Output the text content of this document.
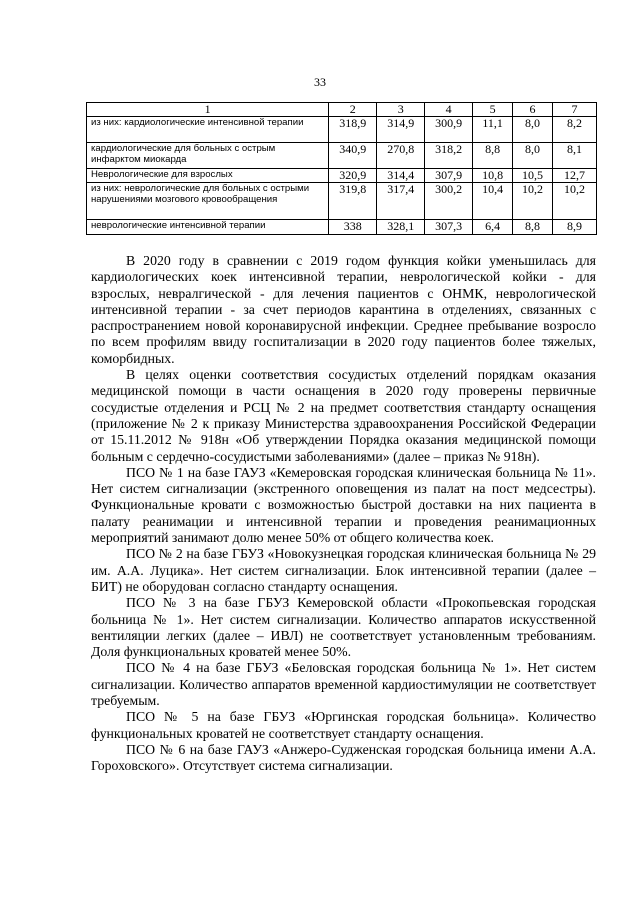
33
1	2	3	4	5	6	7
из них: кардиологические интенсивной терапии	318,9	314,9	300,9	11,1	8,0	8,2
кардиологические для больных с острым инфарктом миокарда	340,9	270,8	318,2	8,8	8,0	8,1
Неврологические для взрослых	320,9	314,4	307,9	10,8	10,5	12,7
из них: неврологические для больных с острыми нарушениями мозгового кровообращения	319,8	317,4	300,2	10,4	10,2	10,2
неврологические интенсивной терапии	338	328,1	307,3	6,4	8,8	8,9

В 2020 году в сравнении с 2019 годом функция койки уменьшилась для кардиологических коек интенсивной терапии, неврологической койки - для взрослых, невралгической - для лечения пациентов с ОНМК, неврологической интенсивной терапии - за счет периодов карантина в отделениях, связанных с распространением новой коронавирусной инфекции. Среднее пребывание возросло по всем профилям ввиду госпитализации в 2020 году пациентов более тяжелых, коморбидных.

В целях оценки соответствия сосудистых отделений порядкам оказания медицинской помощи в части оснащения в 2020 году проверены первичные сосудистые отделения и РСЦ № 2 на предмет соответствия стандарту оснащения (приложение № 2 к приказу Министерства здравоохранения Российской Федерации от 15.11.2012 № 918н «Об утверждении Порядка оказания медицинской помощи больным с сердечно-сосудистыми заболеваниями» (далее – приказ № 918н).

ПСО № 1 на базе ГАУЗ «Кемеровская городская клиническая больница № 11». Нет систем сигнализации (экстренного оповещения из палат на пост медсестры). Функциональные кровати с возможностью быстрой доставки на них пациента в палату реанимации и интенсивной терапии и проведения реанимационных мероприятий занимают долю менее 50% от общего количества коек.

ПСО № 2 на базе ГБУЗ «Новокузнецкая городская клиническая больница № 29 им. А.А. Луцика». Нет систем сигнализации. Блок интенсивной терапии (далее – БИТ) не оборудован согласно стандарту оснащения.

ПСО № 3 на базе ГБУЗ Кемеровской области «Прокопьевская городская больница № 1». Нет систем сигнализации. Количество аппаратов искусственной вентиляции легких (далее – ИВЛ) не соответствует установленным требованиям. Доля функциональных кроватей менее 50%.

ПСО № 4 на базе ГБУЗ «Беловская городская больница № 1». Нет систем сигнализации. Количество аппаратов временной кардиостимуляции не соответствует требуемым.

ПСО № 5 на базе ГБУЗ «Юргинская городская больница». Количество функциональных кроватей не соответствует стандарту оснащения.

ПСО № 6 на базе ГАУЗ «Анжеро-Судженская городская больница имени А.А. Гороховского». Отсутствует система сигнализации.
